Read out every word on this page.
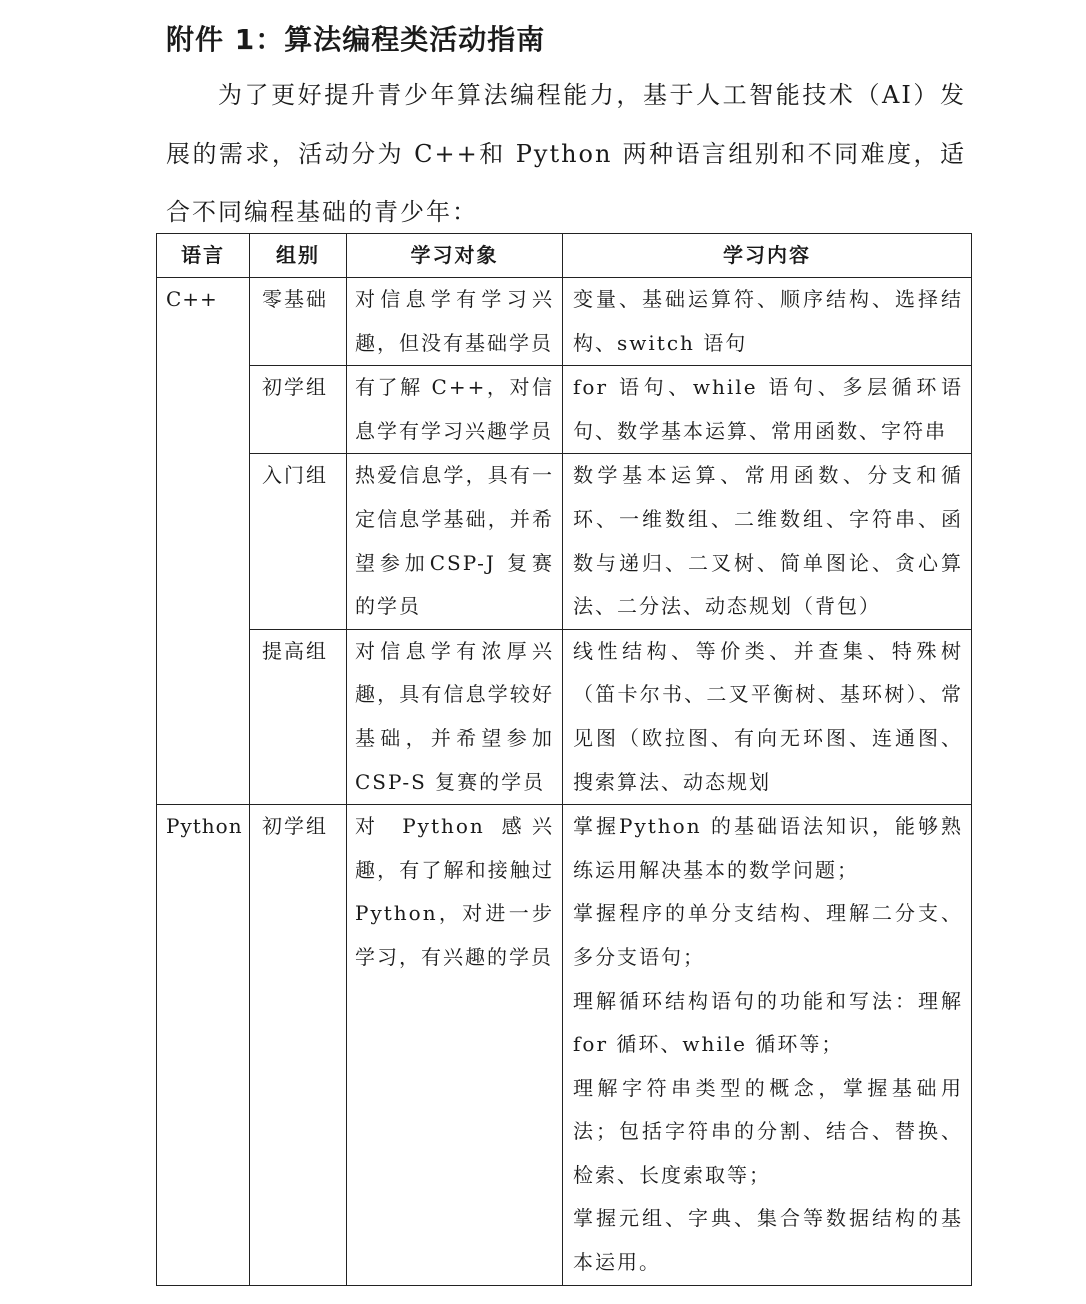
附件 1：算法编程类活动指南

为了更好提升青少年算法编程能力，基于人工智能技术（AI）发展的需求，活动分为 C++和 Python 两种语言组别和不同难度，适合不同编程基础的青少年：

语言	组别	学习对象	学习内容
C++	零基础	对信息学有学习兴趣，但没有基础学员	变量、基础运算符、顺序结构、选择结构、switch 语句
	初学组	有了解 C++，对信息学有学习兴趣学员	for 语句、while 语句、多层循环语句、数学基本运算、常用函数、字符串
	入门组	热爱信息学，具有一定信息学基础，并希望参加CSP-J 复赛的学员	数学基本运算、常用函数、分支和循环、一维数组、二维数组、字符串、函数与递归、二叉树、简单图论、贪心算法、二分法、动态规划（背包）
	提高组	对信息学有浓厚兴趣，具有信息学较好基础，并希望参加CSP-S 复赛的学员	线性结构、等价类、并查集、特殊树（笛卡尔书、二叉平衡树、基环树）、常见图（欧拉图、有向无环图、连通图、搜索算法、动态规划
Python	初学组	对 Python 感兴趣，有了解和接触过Python，对进一步学习，有兴趣的学员	掌握Python 的基础语法知识，能够熟练运用解决基本的数学问题；
掌握程序的单分支结构、理解二分支、多分支语句；
理解循环结构语句的功能和写法：理解for 循环、while 循环等；
理解字符串类型的概念，掌握基础用法；包括字符串的分割、结合、替换、检索、长度索取等；
掌握元组、字典、集合等数据结构的基本运用。
